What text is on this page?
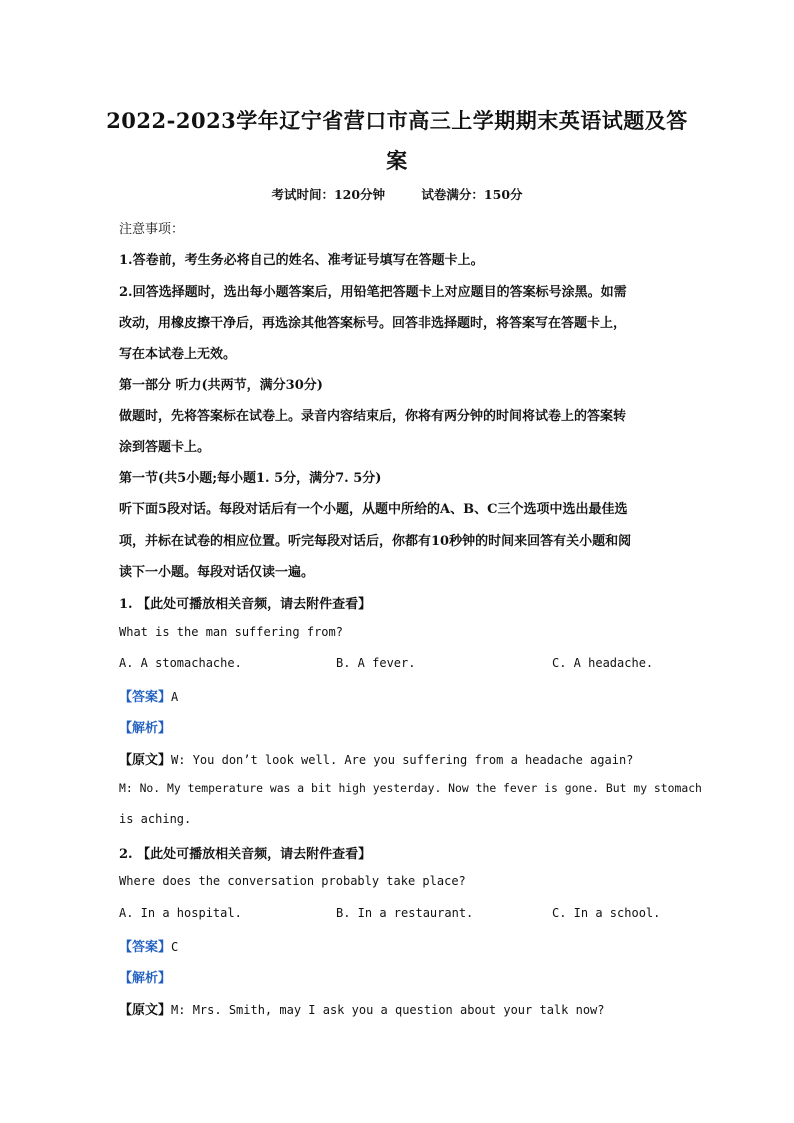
2022-2023学年辽宁省营口市高三上学期期末英语试题及答
案
考试时间：120分钟	试卷满分：150分
注意事项：
1.答卷前，考生务必将自己的姓名、准考证号填写在答题卡上。
2.回答选择题时，选出每小题答案后，用铅笔把答题卡上对应题目的答案标号涂黑。如需
改动，用橡皮擦干净后，再选涂其他答案标号。回答非选择题时，将答案写在答题卡上，
写在本试卷上无效。
第一部分 听力(共两节，满分30分)
做题时，先将答案标在试卷上。录音内容结束后，你将有两分钟的时间将试卷上的答案转
涂到答题卡上。
第一节(共5小题;每小题1. 5分，满分7. 5分)
听下面5段对话。每段对话后有一个小题，从题中所给的A、B、C三个选项中选出最佳选
项，并标在试卷的相应位置。听完每段对话后，你都有10秒钟的时间来回答有关小题和阅
读下一小题。每段对话仅读一遍。
1. 【此处可播放相关音频，请去附件查看】
What is the man suffering from?
A. A stomachache.	B. A fever.	C. A headache.
【答案】A
【解析】
【原文】W: You don’t look well. Are you suffering from a headache again?
M: No. My temperature was a bit high yesterday. Now the fever is gone. But my stomach
is aching.
2. 【此处可播放相关音频，请去附件查看】
Where does the conversation probably take place?
A. In a hospital.	B. In a restaurant.	C. In a school.
【答案】C
【解析】
【原文】M: Mrs. Smith, may I ask you a question about your talk now?
